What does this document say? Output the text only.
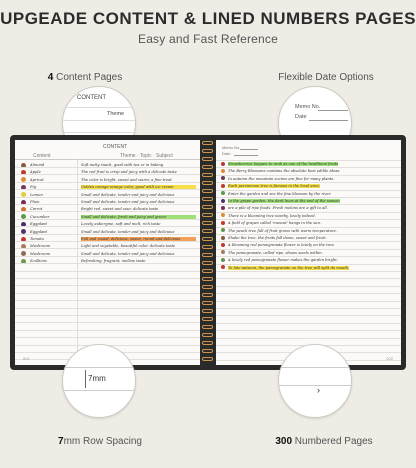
UPGEADE CONTENT & LINED NUMBERS PAGES
Easy and Fast Reference
4 Content Pages
CONTENT
Theme
Flexible Date Options
Memo No.
Date
CONTENT
Content	Theme · Topic · Subject
Almond	Soft nutty snack, good with tea or in baking
Apple	The red fruit is crisp and juicy with a delicate taste
Apricot	The color is bright, sweet and warm; a fine treat
Fig	Golden orange-orange color, good with ice cream
Lemon	Small and delicate, tender and juicy and delicious
Plum	Small and delicate, tender and juicy and delicious
Carrot	Bright red, sweet and sour, delicate taste
Cucumber	Small and delicate, fresh and juicy and green
Eggplant	Lovely aubergine, soft and melt, rich taste
Eggplant	Small and delicate, tender and juicy and delicious
Tomato	Full and round, delicious, sweet, round and delicious
Mushroom	Light and vegetable, beautiful color, delicate taste
Mushroom	Small and delicate, tender and juicy and delicious
Scallions	Refreshing, fragrant, mellow taste
001
Memo No.
Date
Strawberries happen to rank as one of the healthiest fruits
The Berry Blossoms contains the absolute best edible ideas.
In autumn the mountain scenes are fine for many plants.
Each persimmon tree is famous in the local area.
Enter the garden and see the fine blossom by the river.
In the grape garden, the dark hues at the end of the season
are a pile of ripe foods. Fresh melons are a gift to all.
There is a blooming tree nearby, lovely indeed.
A field of grapes called 'muscat' hangs in the sun.
The peach tree full of fruit grows with warm temperature.
Shake the tree, the fruits fall down, sweet and fresh.
A blooming red pomegranate flower is lovely on the tree.
The pomegranate, called ripe, shows seeds within.
A lovely red pomegranate flower makes the garden bright.
To late autumn, the pomegranate on the tree will split its mouth.
002
7mm
7mm Row Spacing
›
300 Numbered Pages
